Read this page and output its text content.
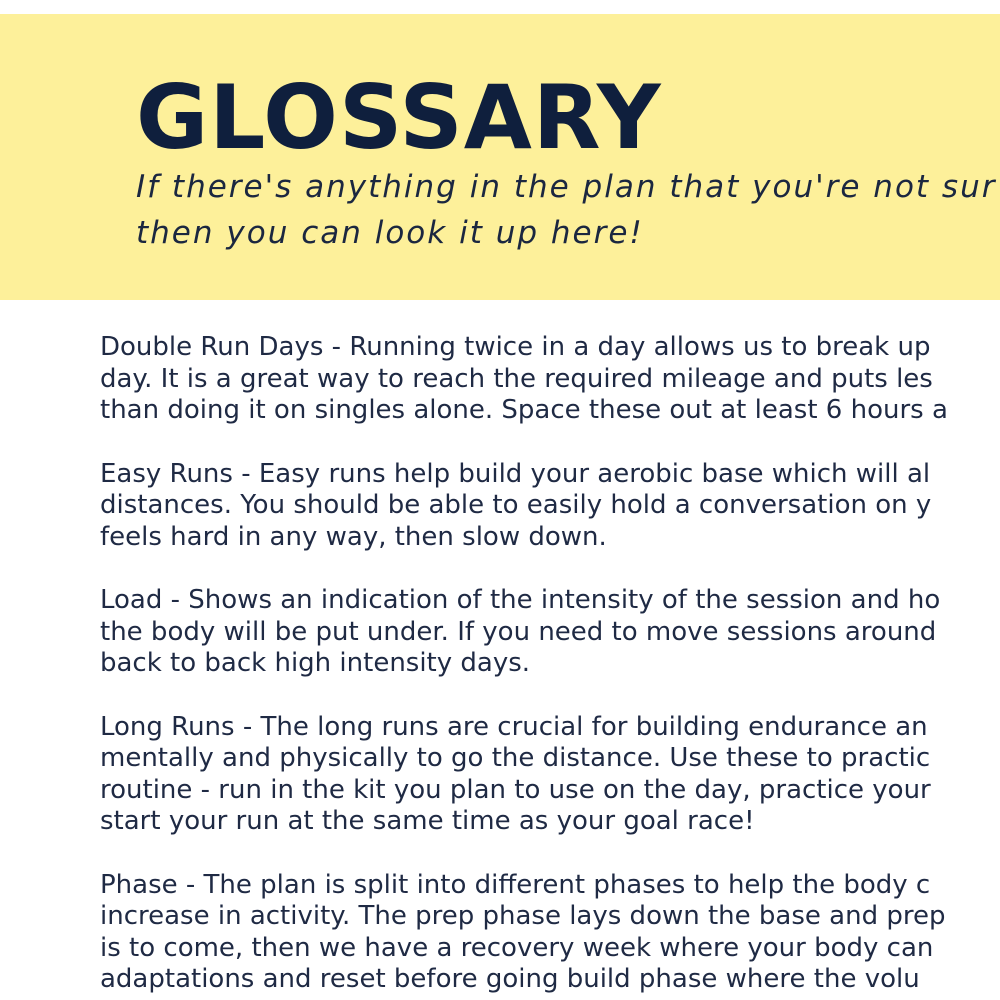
GLOSSARY

If there's anything in the plan that you're not sur
then you can look it up here!

Double Run Days - Running twice in a day allows us to break up
day. It is a great way to reach the required mileage and puts les
than doing it on singles alone. Space these out at least 6 hours a

Easy Runs - Easy runs help build your aerobic base which will al
distances. You should be able to easily hold a conversation on y
feels hard in any way, then slow down.

Load - Shows an indication of the intensity of the session and ho
the body will be put under. If you need to move sessions around
back to back high intensity days.

Long Runs - The long runs are crucial for building endurance an
mentally and physically to go the distance. Use these to practic
routine - run in the kit you plan to use on the day, practice your
start your run at the same time as your goal race!

Phase - The plan is split into different phases to help the body c
increase in activity. The prep phase lays down the base and prep
is to come, then we have a recovery week where your body can
adaptations and reset before going build phase where the volu
